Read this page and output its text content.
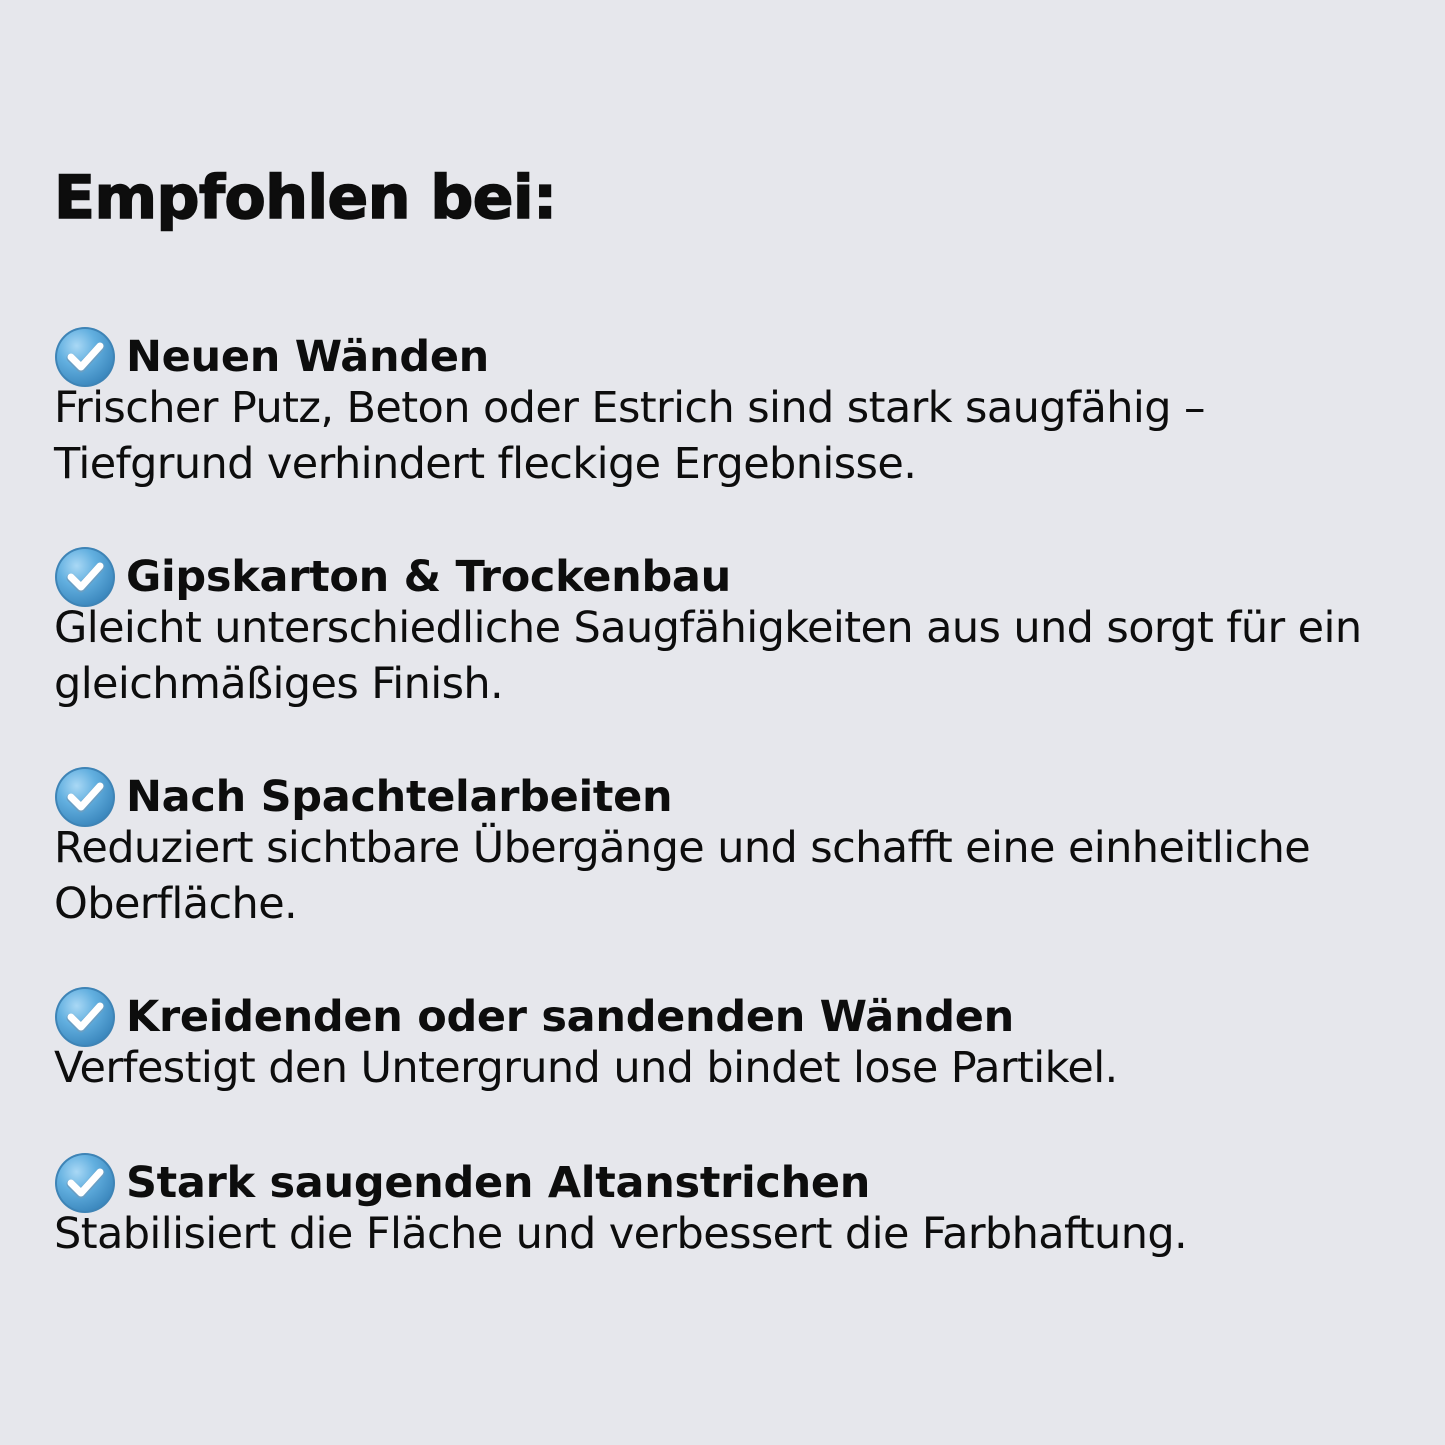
Empfohlen bei:
Neuen Wänden

Frischer Putz, Beton oder Estrich sind stark saugfähig – Tiefgrund verhindert fleckige Ergebnisse.

Gipskarton & Trockenbau

Gleicht unterschiedliche Saugfähigkeiten aus und sorgt für ein gleichmäßiges Finish.

Nach Spachtelarbeiten

Reduziert sichtbare Übergänge und schafft eine einheitliche Oberfläche.

Kreidenden oder sandenden Wänden

Verfestigt den Untergrund und bindet lose Partikel.

Stark saugenden Altanstrichen

Stabilisiert die Fläche und verbessert die Farbhaftung.
